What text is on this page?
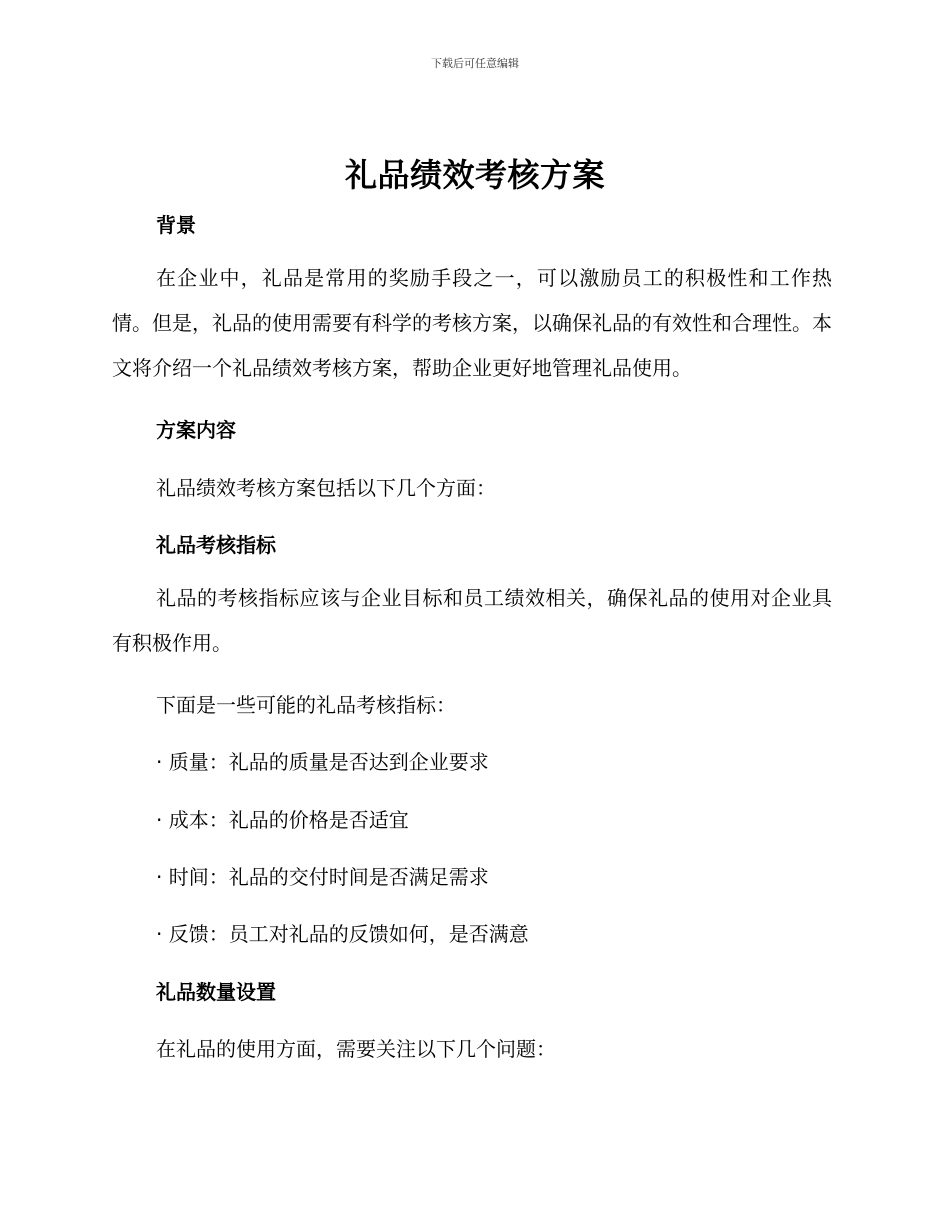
下载后可任意编辑
礼品绩效考核方案
背景
在企业中，礼品是常用的奖励手段之一，可以激励员工的积极性和工作热情。但是，礼品的使用需要有科学的考核方案，以确保礼品的有效性和合理性。本文将介绍一个礼品绩效考核方案，帮助企业更好地管理礼品使用。
方案内容
礼品绩效考核方案包括以下几个方面：
礼品考核指标
礼品的考核指标应该与企业目标和员工绩效相关，确保礼品的使用对企业具有积极作用。
下面是一些可能的礼品考核指标：
· 质量：礼品的质量是否达到企业要求
· 成本：礼品的价格是否适宜
· 时间：礼品的交付时间是否满足需求
· 反馈：员工对礼品的反馈如何，是否满意
礼品数量设置
在礼品的使用方面，需要关注以下几个问题：
